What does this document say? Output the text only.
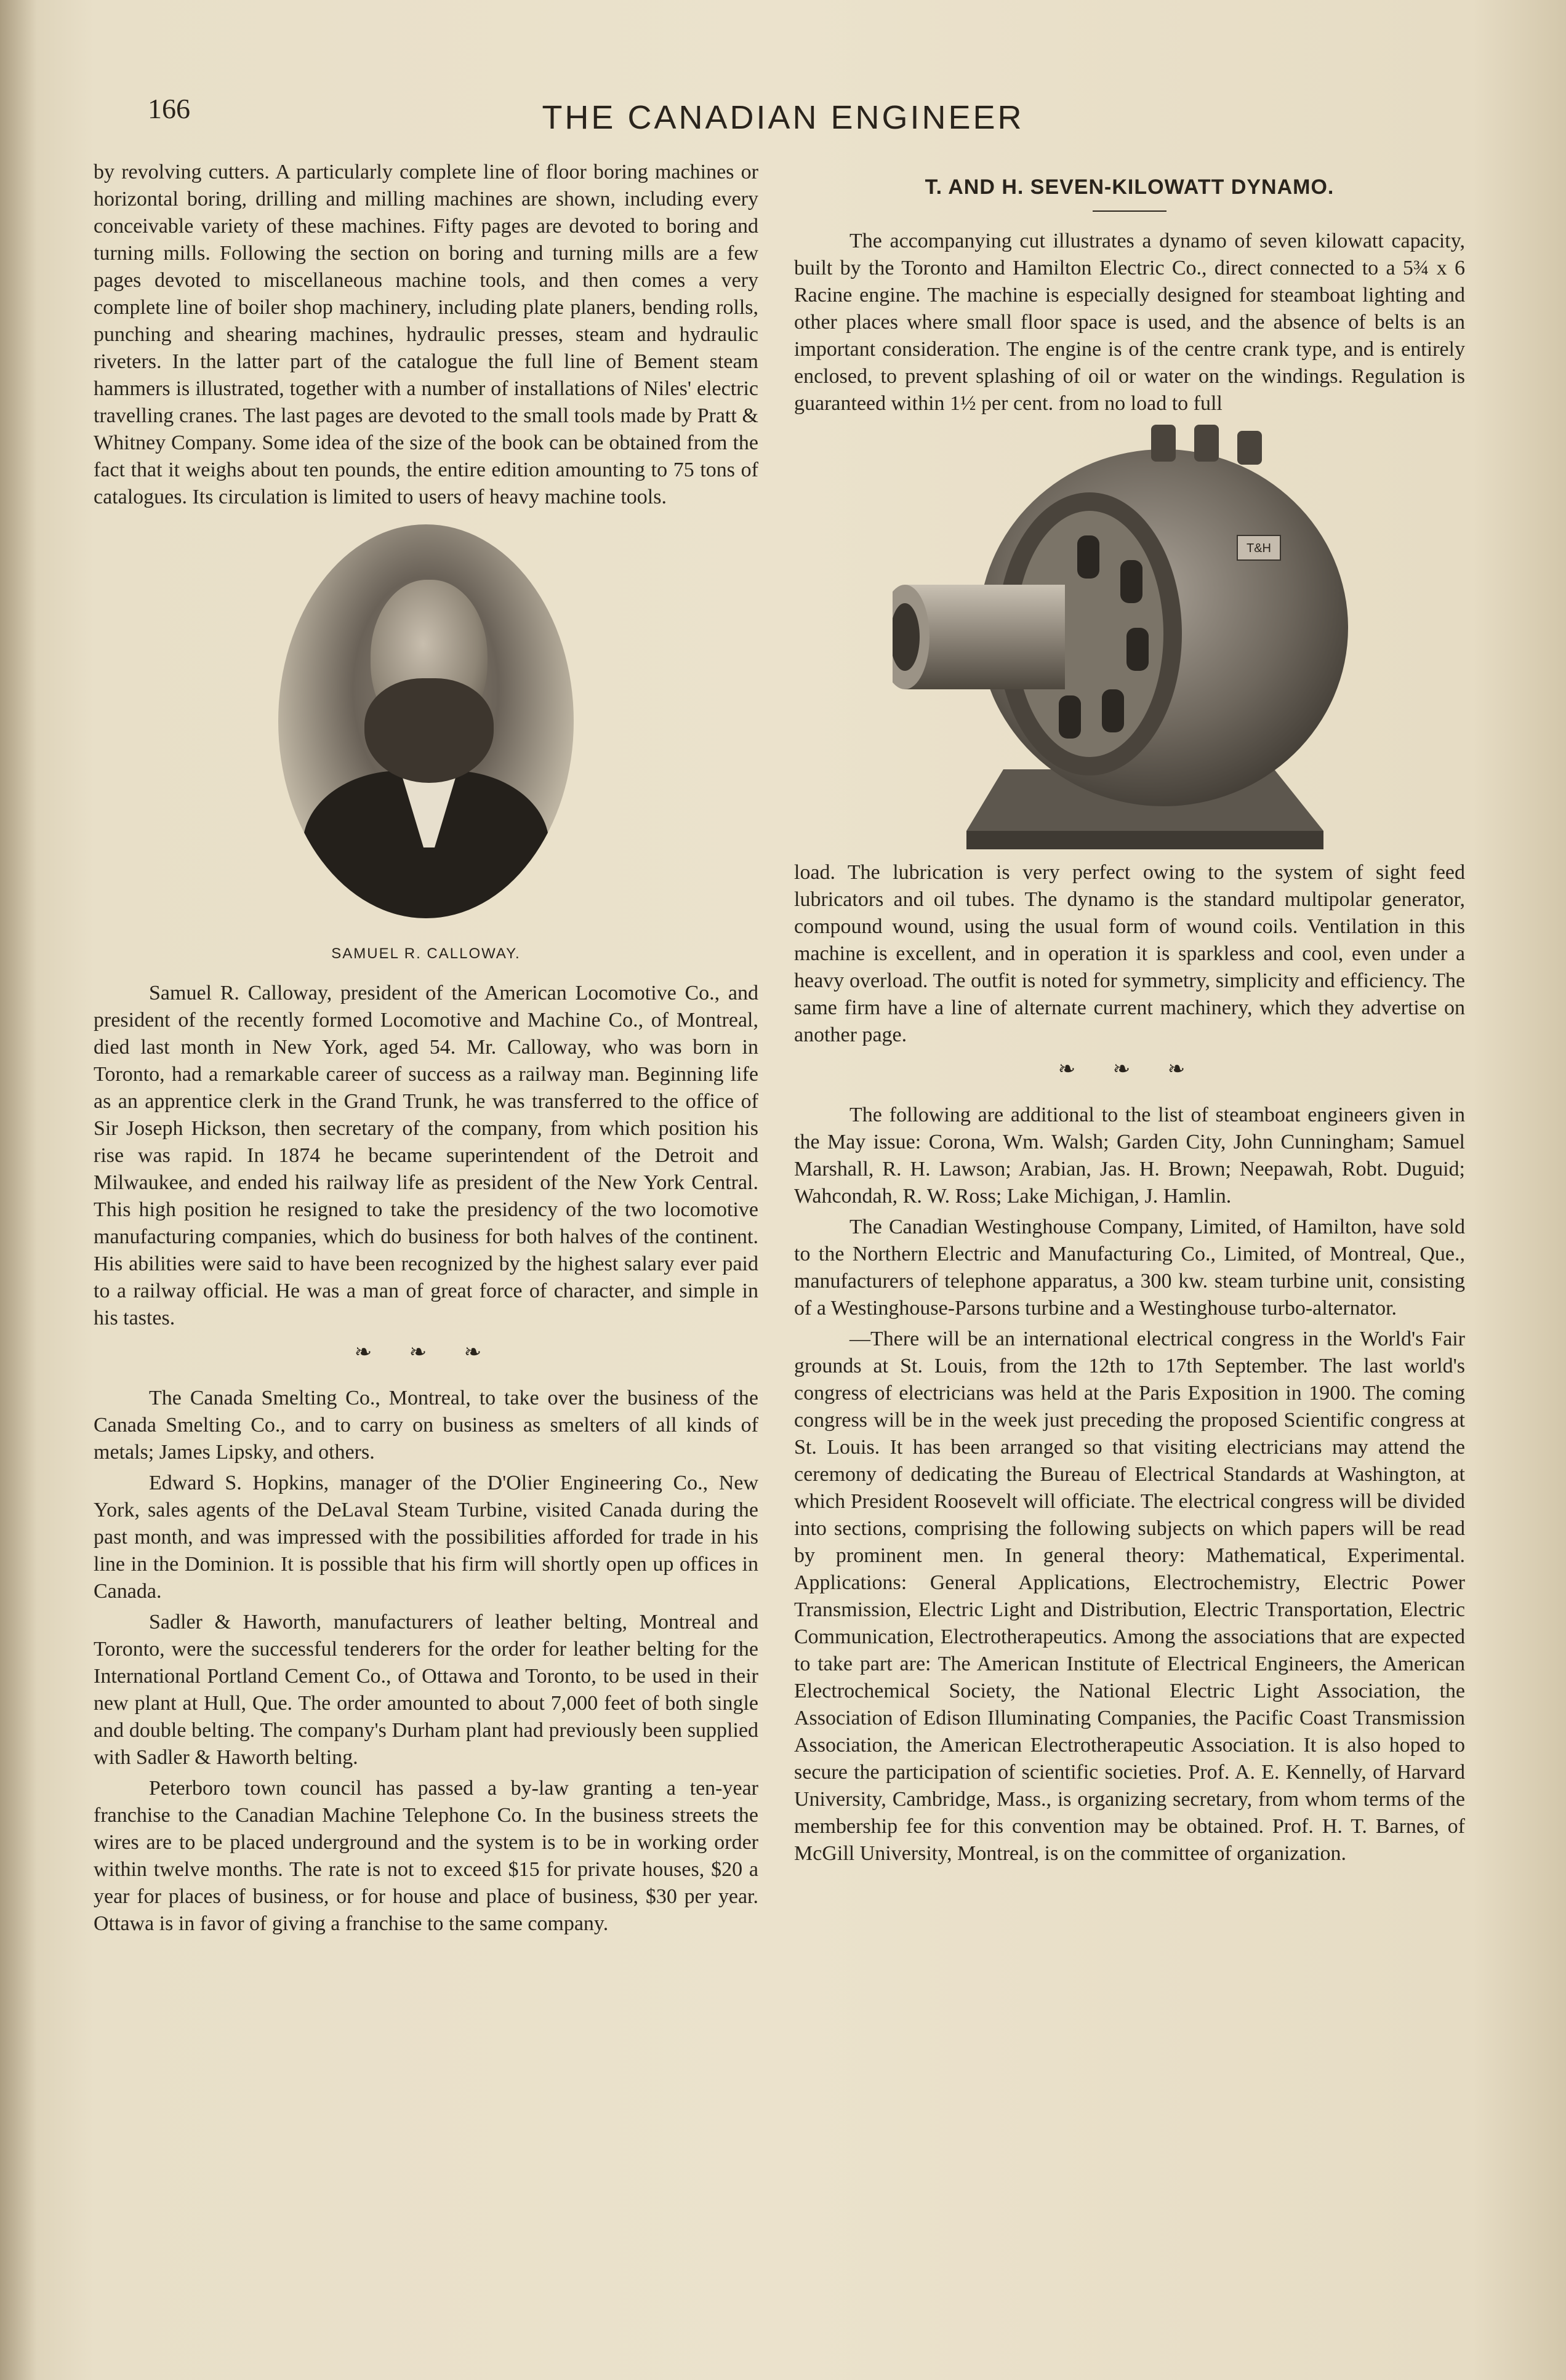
166	THE CANADIAN ENGINEER

by revolving cutters. A particularly complete line of floor boring machines or horizontal boring, drilling and milling machines are shown, including every conceivable variety of these machines. Fifty pages are devoted to boring and turning mills. Following the section on boring and turning mills are a few pages devoted to miscellaneous machine tools, and then comes a very complete line of boiler shop machinery, including plate planers, bending rolls, punching and shearing machines, hydraulic presses, steam and hydraulic riveters. In the latter part of the catalogue the full line of Bement steam hammers is illustrated, together with a number of installations of Niles' electric travelling cranes. The last pages are devoted to the small tools made by Pratt & Whitney Company. Some idea of the size of the book can be obtained from the fact that it weighs about ten pounds, the entire edition amounting to 75 tons of catalogues. Its circulation is limited to users of heavy machine tools.

SAMUEL R. CALLOWAY.

Samuel R. Calloway, president of the American Locomotive Co., and president of the recently formed Locomotive and Machine Co., of Montreal, died last month in New York, aged 54. Mr. Calloway, who was born in Toronto, had a remarkable career of success as a railway man. Beginning life as an apprentice clerk in the Grand Trunk, he was transferred to the office of Sir Joseph Hickson, then secretary of the company, from which position his rise was rapid. In 1874 he became superintendent of the Detroit and Milwaukee, and ended his railway life as president of the New York Central. This high position he resigned to take the presidency of the two locomotive manufacturing companies, which do business for both halves of the continent. His abilities were said to have been recognized by the highest salary ever paid to a railway official. He was a man of great force of character, and simple in his tastes.

❧ ❧ ❧

The Canada Smelting Co., Montreal, to take over the business of the Canada Smelting Co., and to carry on business as smelters of all kinds of metals; James Lipsky, and others.

Edward S. Hopkins, manager of the D'Olier Engineering Co., New York, sales agents of the DeLaval Steam Turbine, visited Canada during the past month, and was impressed with the possibilities afforded for trade in his line in the Dominion. It is possible that his firm will shortly open up offices in Canada.

Sadler & Haworth, manufacturers of leather belting, Montreal and Toronto, were the successful tenderers for the order for leather belting for the International Portland Cement Co., of Ottawa and Toronto, to be used in their new plant at Hull, Que. The order amounted to about 7,000 feet of both single and double belting. The company's Durham plant had previously been supplied with Sadler & Haworth belting.

Peterboro town council has passed a by-law granting a ten-year franchise to the Canadian Machine Telephone Co. In the business streets the wires are to be placed underground and the system is to be in working order within twelve months. The rate is not to exceed $15 for private houses, $20 a year for places of business, or for house and place of business, $30 per year. Ottawa is in favor of giving a franchise to the same company.

T. AND H. SEVEN-KILOWATT DYNAMO.

The accompanying cut illustrates a dynamo of seven kilowatt capacity, built by the Toronto and Hamilton Electric Co., direct connected to a 5¾ x 6 Racine engine. The machine is especially designed for steamboat lighting and other places where small floor space is used, and the absence of belts is an important consideration. The engine is of the centre crank type, and is entirely enclosed, to prevent splashing of oil or water on the windings. Regulation is guaranteed within 1½ per cent. from no load to full

T&H

load. The lubrication is very perfect owing to the system of sight feed lubricators and oil tubes. The dynamo is the standard multipolar generator, compound wound, using the usual form of wound coils. Ventilation in this machine is excellent, and in operation it is sparkless and cool, even under a heavy overload. The outfit is noted for symmetry, simplicity and efficiency. The same firm have a line of alternate current machinery, which they advertise on another page.

❧ ❧ ❧

The following are additional to the list of steamboat engineers given in the May issue: Corona, Wm. Walsh; Garden City, John Cunningham; Samuel Marshall, R. H. Lawson; Arabian, Jas. H. Brown; Neepawah, Robt. Duguid; Wahcondah, R. W. Ross; Lake Michigan, J. Hamlin.

The Canadian Westinghouse Company, Limited, of Hamilton, have sold to the Northern Electric and Manufacturing Co., Limited, of Montreal, Que., manufacturers of telephone apparatus, a 300 kw. steam turbine unit, consisting of a Westinghouse-Parsons turbine and a Westinghouse turbo-alternator.

—There will be an international electrical congress in the World's Fair grounds at St. Louis, from the 12th to 17th September. The last world's congress of electricians was held at the Paris Exposition in 1900. The coming congress will be in the week just preceding the proposed Scientific congress at St. Louis. It has been arranged so that visiting electricians may attend the ceremony of dedicating the Bureau of Electrical Standards at Washington, at which President Roosevelt will officiate. The electrical congress will be divided into sections, comprising the following subjects on which papers will be read by prominent men. In general theory: Mathematical, Experimental. Applications: General Applications, Electrochemistry, Electric Power Transmission, Electric Light and Distribution, Electric Transportation, Electric Communication, Electrotherapeutics. Among the associations that are expected to take part are: The American Institute of Electrical Engineers, the American Electrochemical Society, the National Electric Light Association, the Association of Edison Illuminating Companies, the Pacific Coast Transmission Association, the American Electrotherapeutic Association. It is also hoped to secure the participation of scientific societies. Prof. A. E. Kennelly, of Harvard University, Cambridge, Mass., is organizing secretary, from whom terms of the membership fee for this convention may be obtained. Prof. H. T. Barnes, of McGill University, Montreal, is on the committee of organization.
